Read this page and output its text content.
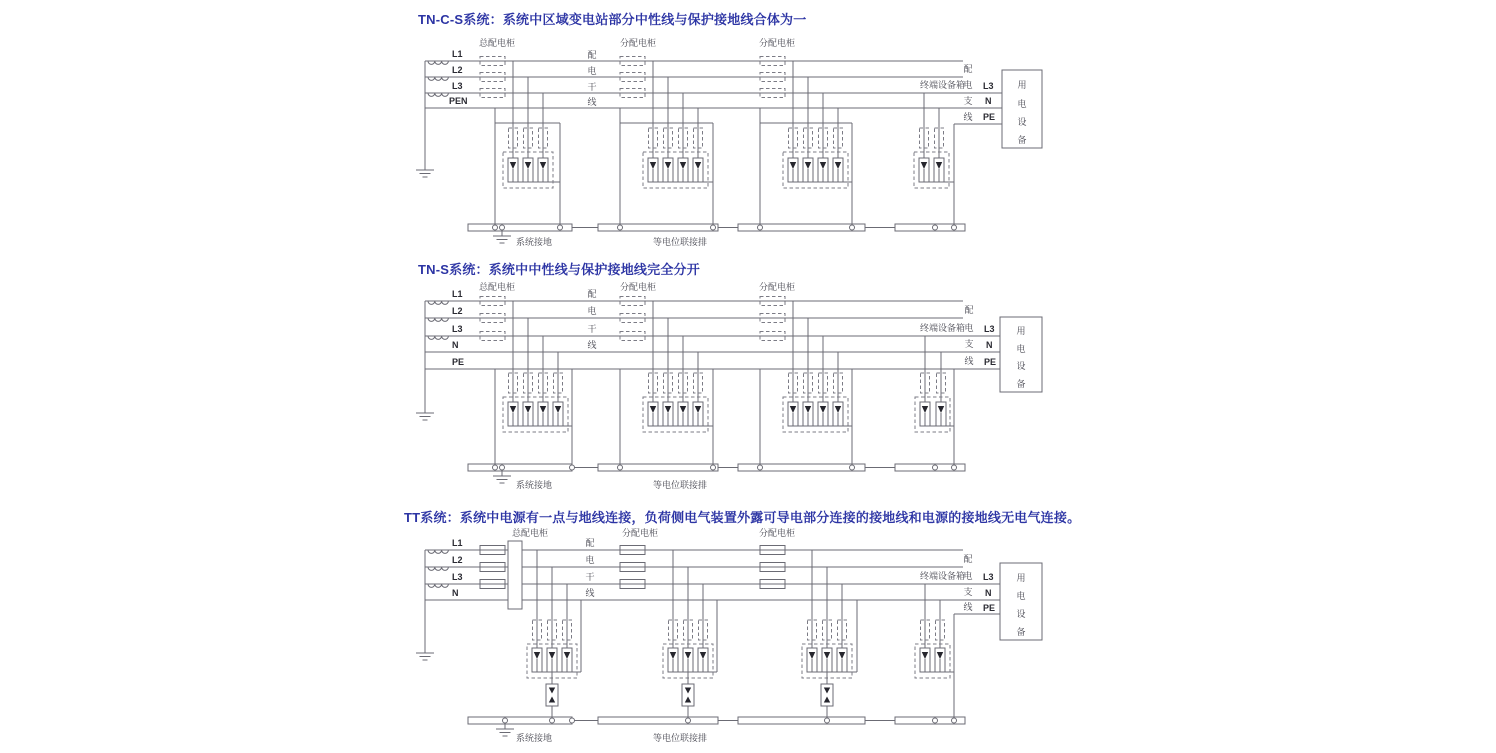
总配电柜	分配电柜	分配电柜
L1
L2
L3
PEN
配
电
干
线
终端设备箱
配
电
支
线
L3
N
PE
用
电
设
备
系统接地	等电位联接排
总配电柜	分配电柜	分配电柜
L1
L2
L3
N
PE
配
电
干
线
终端设备箱
配
电
支
线
L3
N
PE
用
电
设
备
系统接地	等电位联接排
总配电柜	分配电柜	分配电柜
L1
L2
L3
N
配
电
干
线
终端设备箱
配
电
支
线
L3
N
PE
用
电
设
备
系统接地	等电位联接排
TN-C-S系统：系统中区域变电站部分中性线与保护接地线合体为一
TN-S系统：系统中中性线与保护接地线完全分开
TT系统：系统中电源有一点与地线连接，负荷侧电气装置外露可导电部分连接的接地线和电源的接地线无电气连接。
